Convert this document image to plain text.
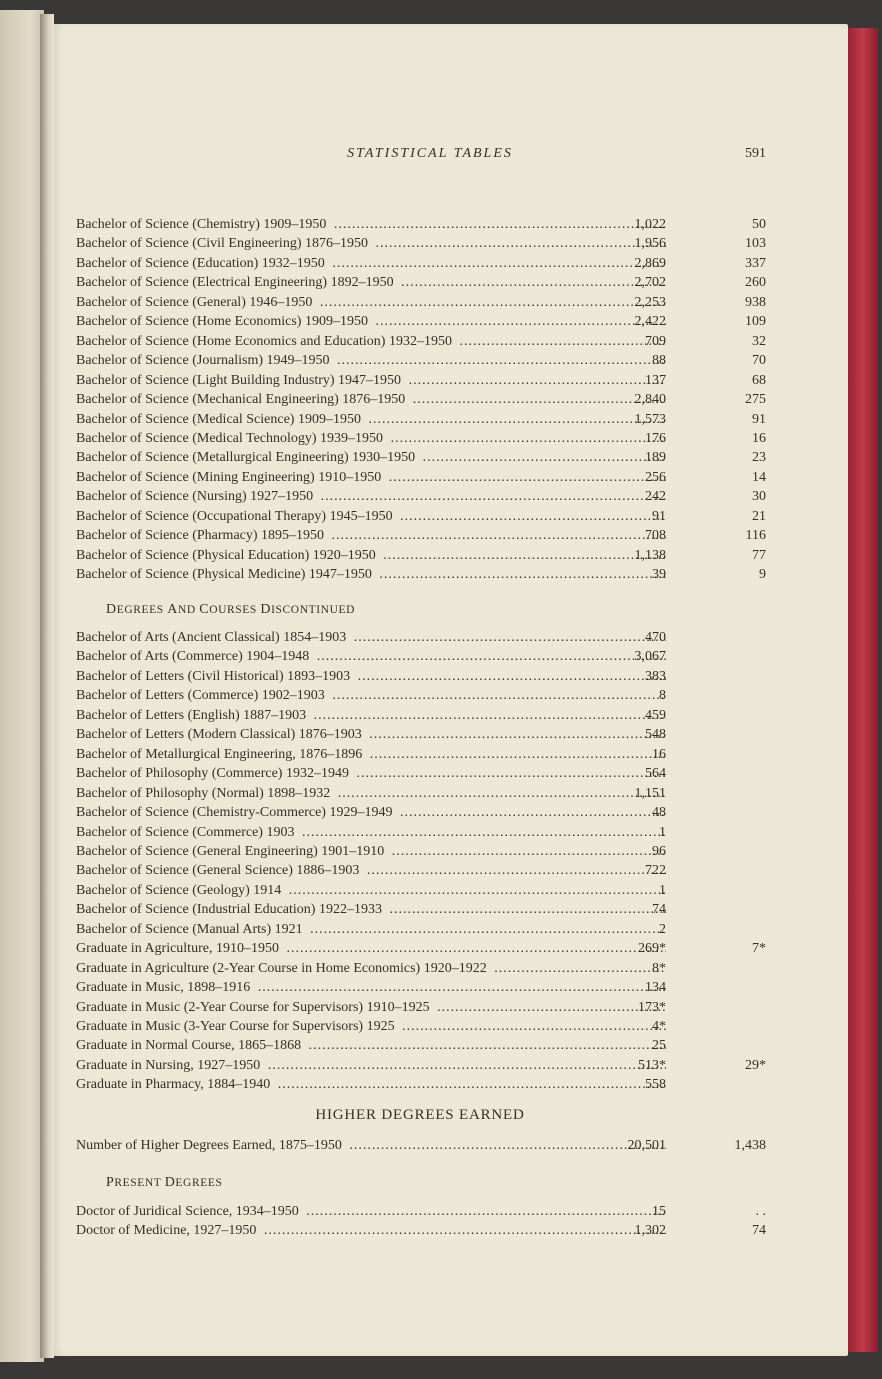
STATISTICAL TABLES	591
DEGREES AND COURSES DISCONTINUED
HIGHER DEGREES EARNED
PRESENT DEGREES
Bachelor of Science (Chemistry) 1909–1950 .....	1,022	50
Bachelor of Science (Civil Engineering) 1876–1950 .....	1,956	103
Bachelor of Science (Education) 1932–1950 .....	2,869	337
Bachelor of Science (Electrical Engineering) 1892–1950 .....	2,702	260
Bachelor of Science (General) 1946–1950 .....	2,253	938
Bachelor of Science (Home Economics) 1909–1950 .....	2,422	109
Bachelor of Science (Home Economics and Education) 1932–1950 .....	709	32
Bachelor of Science (Journalism) 1949–1950 .....	88	70
Bachelor of Science (Light Building Industry) 1947–1950 .....	137	68
Bachelor of Science (Mechanical Engineering) 1876–1950 .....	2,840	275
Bachelor of Science (Medical Science) 1909–1950 .....	1,573	91
Bachelor of Science (Medical Technology) 1939–1950 .....	176	16
Bachelor of Science (Metallurgical Engineering) 1930–1950 .....	189	23
Bachelor of Science (Mining Engineering) 1910–1950 .....	256	14
Bachelor of Science (Nursing) 1927–1950 .....	242	30
Bachelor of Science (Occupational Therapy) 1945–1950 .....	91	21
Bachelor of Science (Pharmacy) 1895–1950 .....	708	116
Bachelor of Science (Physical Education) 1920–1950 .....	1,138	77
Bachelor of Science (Physical Medicine) 1947–1950 .....	39	9
Bachelor of Arts (Ancient Classical) 1854–1903 .....	470
Bachelor of Arts (Commerce) 1904–1948 .....	3,067
Bachelor of Letters (Civil Historical) 1893–1903 .....	383
Bachelor of Letters (Commerce) 1902–1903 .....	8
Bachelor of Letters (English) 1887–1903 .....	459
Bachelor of Letters (Modern Classical) 1876–1903 .....	548
Bachelor of Metallurgical Engineering, 1876–1896 .....	16
Bachelor of Philosophy (Commerce) 1932–1949 .....	564
Bachelor of Philosophy (Normal) 1898–1932 .....	1,151
Bachelor of Science (Chemistry-Commerce) 1929–1949 .....	48
Bachelor of Science (Commerce) 1903 .....	1
Bachelor of Science (General Engineering) 1901–1910 .....	96
Bachelor of Science (General Science) 1886–1903 .....	722
Bachelor of Science (Geology) 1914 .....	1
Bachelor of Science (Industrial Education) 1922–1933 .....	74
Bachelor of Science (Manual Arts) 1921 .....	2
Graduate in Agriculture, 1910–1950 .....	269*	7*
Graduate in Agriculture (2-Year Course in Home Economics) 1920–1922 .....	8*
Graduate in Music, 1898–1916 .....	134
Graduate in Music (2-Year Course for Supervisors) 1910–1925 .....	173*
Graduate in Music (3-Year Course for Supervisors) 1925 .....	4*
Graduate in Normal Course, 1865–1868 .....	25
Graduate in Nursing, 1927–1950 .....	513*	29*
Graduate in Pharmacy, 1884–1940 .....	558
Number of Higher Degrees Earned, 1875–1950 .....	20,501	1,438
Doctor of Juridical Science, 1934–1950 .....	15	. .
Doctor of Medicine, 1927–1950 .....	1,302	74
